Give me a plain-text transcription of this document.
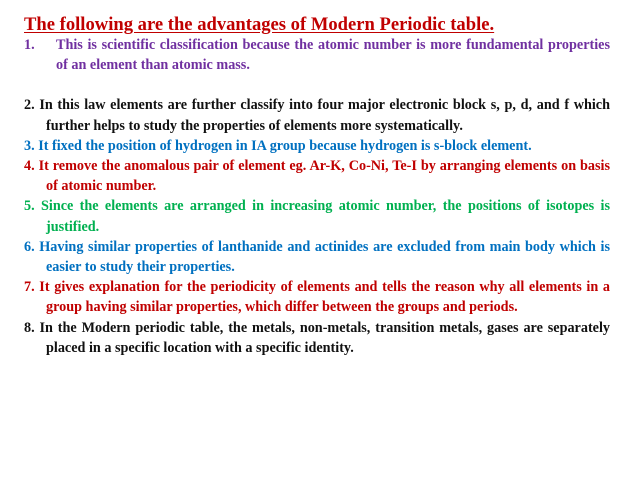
The following are the advantages of Modern Periodic table.

1. This is scientific classification because the atomic number is more fundamental properties of an element than atomic mass.

2. In this law elements are further classify into four major electronic block s, p, d, and f which further helps to study the properties of elements more systematically.

3. It fixed the position of hydrogen in IA group because hydrogen is s-block element.

4. It remove the anomalous pair of element eg. Ar-K, Co-Ni, Te-I by arranging elements on basis of atomic number.

5. Since the elements are arranged in increasing atomic number, the positions of isotopes is justified.

6. Having similar properties of lanthanide and actinides are excluded from main body which is easier to study their properties.

7. It gives explanation for the periodicity of elements and tells the reason why all elements in a group having similar properties, which differ between the groups and periods.

8. In the Modern periodic table, the metals, non-metals, transition metals, gases are separately placed in a specific location with a specific identity.
